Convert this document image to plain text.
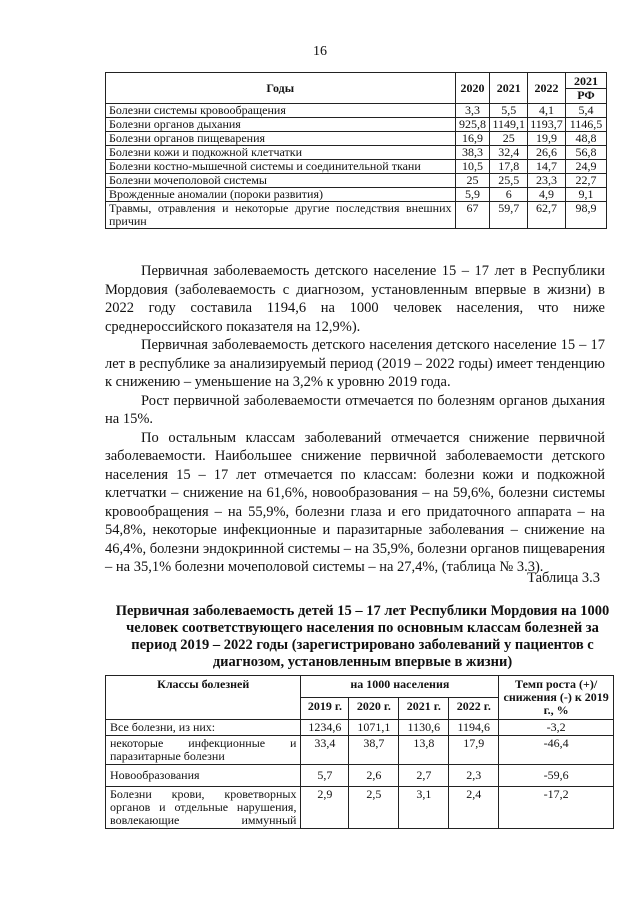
16
Годы	2020	2021	2022	2021
РФ

Болезни системы кровообращения	3,3	5,5	4,1	5,4
Болезни органов дыхания	925,8	1149,1	1193,7	1146,5
Болезни органов пищеварения	16,9	25	19,9	48,8
Болезни кожи и подкожной клетчатки	38,3	32,4	26,6	56,8
Болезни костно-мышечной системы и соединительной ткани	10,5	17,8	14,7	24,9
Болезни мочеполовой системы	25	25,5	23,3	22,7
Врожденные аномалии (пороки развития)	5,9	6	4,9	9,1
Травмы, отравления и некоторые другие последствия внешних причин	67	59,7	62,7	98,9

Первичная заболеваемость детского население 15 – 17 лет в Республики Мордовия (заболеваемость с диагнозом, установленным впервые в жизни) в 2022 году составила 1194,6 на 1000 человек населения, что ниже среднероссийского показателя на 12,9%).

Первичная заболеваемость детского населения детского население 15 – 17 лет в республике за анализируемый период (2019 – 2022 годы) имеет тенденцию к снижению – уменьшение на 3,2% к уровню 2019 года.

Рост первичной заболеваемости отмечается по болезням органов дыхания на 15%.

По остальным классам заболеваний отмечается снижение первичной заболеваемости. Наибольшее снижение первичной заболеваемости детского населения 15 – 17 лет отмечается по классам: болезни кожи и подкожной клетчатки – снижение на 61,6%, новообразования – на 59,6%, болезни системы кровообращения – на 55,9%, болезни глаза и его придаточного аппарата – на 54,8%, некоторые инфекционные и паразитарные заболевания – снижение на 46,4%, болезни эндокринной системы – на 35,9%, болезни органов пищеварения – на 35,1% болезни мочеполовой системы – на 27,4%, (таблица № 3.3).

Таблица 3.3
Первичная заболеваемость детей 15 – 17 лет Республики Мордовия на 1000 человек соответствующего населения по основным классам болезней за период 2019 – 2022 годы (зарегистрировано заболеваний у пациентов с диагнозом, установленным впервые в жизни)
Классы болезней	на 1000 населения				Темп роста (+)/ снижения (-) к 2019 г., %
	2019 г.	2020 г.	2021 г.	2022 г.	
Все болезни, из них:	1234,6	1071,1	1130,6	1194,6	-3,2
некоторые инфекционные и паразитарные болезни	33,4	38,7	13,8	17,9	-46,4
Новообразования	5,7	2,6	2,7	2,3	-59,6
Болезни крови, кроветворных органов и отдельные нарушения, вовлекающие иммунный	2,9	2,5	3,1	2,4	-17,2
